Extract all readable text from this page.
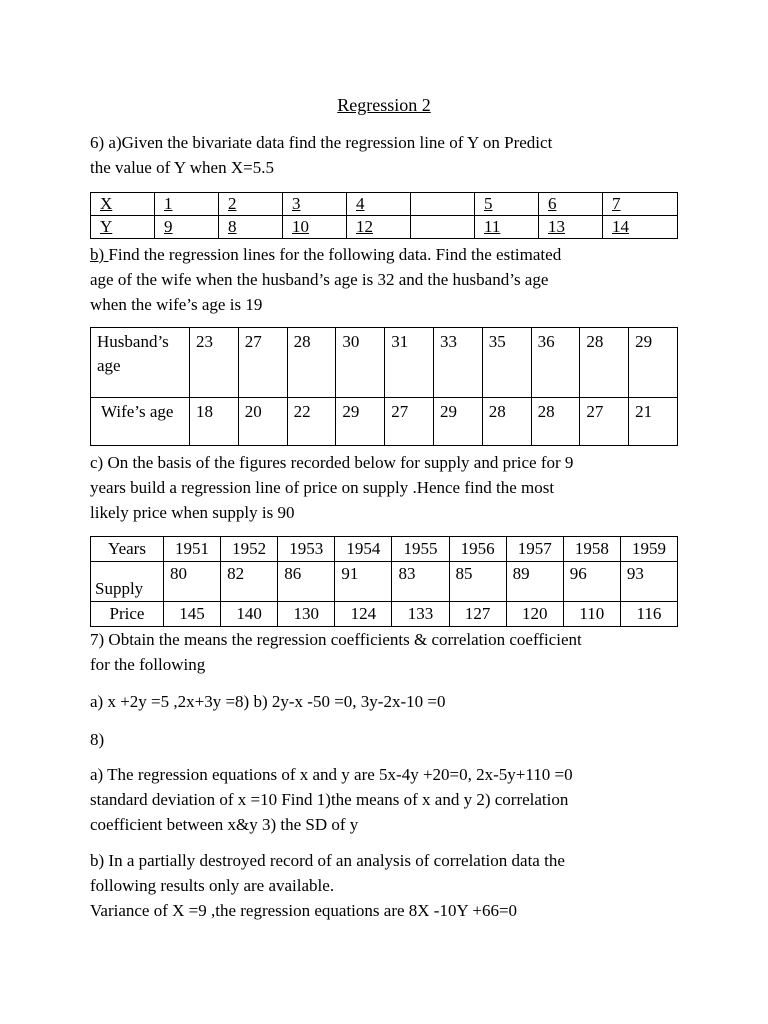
Regression 2
6) a)Given the bivariate data find the regression line of Y on Predict
the value of Y when X=5.5
X	1	2	3	4		5	6	7
Y	9	8	10	12		11	13	14
b) Find the regression lines for the following data. Find the estimated
age of the wife when the husband’s age is 32 and the husband’s age
when the wife’s age is 19
Husband’s age	23	27	28	30	31	33	35	36	28	29
Wife’s age	18	20	22	29	27	29	28	28	27	21
c) On the basis of the figures recorded below for supply and price for 9
years build a regression line of price on supply .Hence find the most
likely price when supply is 90
Years	1951	1952	1953	1954	1955	1956	1957	1958	1959
Supply	80	82	86	91	83	85	89	96	93
Price	145	140	130	124	133	127	120	110	116
7) Obtain the means the regression coefficients & correlation coefficient
for the following
a) x +2y =5 ,2x+3y =8) b) 2y-x -50 =0, 3y-2x-10 =0
8)
a) The regression equations of x and y are 5x-4y +20=0, 2x-5y+110 =0
standard deviation of x =10 Find 1)the means of x and y 2) correlation
coefficient between x&y 3) the SD of y
b) In a partially destroyed record of an analysis of correlation data the
following results only are available.
Variance of X =9 ,the regression equations are 8X -10Y +66=0
